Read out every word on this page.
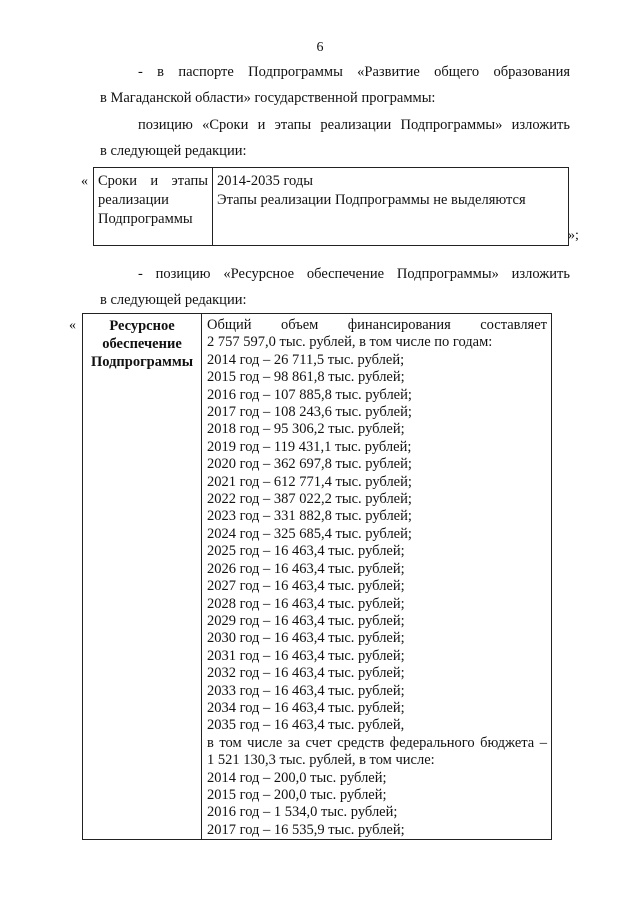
6
- в паспорте Подпрограммы «Развитие общего образования
в Магаданской области» государственной программы:
позицию «Сроки и этапы реализации Подпрограммы» изложить
в следующей редакции:
« Сроки и этапы
реализации
Подпрограммы
2014-2035 годы
Этапы реализации Подпрограммы не выделяются
»;
- позицию «Ресурсное обеспечение Подпрограммы» изложить
в следующей редакции:
«	Ресурсное
обеспечение
Подпрограммы
Общий объем финансирования составляет
2 757 597,0 тыс. рублей, в том числе по годам:
2014 год – 26 711,5 тыс. рублей;
2015 год – 98 861,8 тыс. рублей;
2016 год – 107 885,8 тыс. рублей;
2017 год – 108 243,6 тыс. рублей;
2018 год – 95 306,2 тыс. рублей;
2019 год – 119 431,1 тыс. рублей;
2020 год – 362 697,8 тыс. рублей;
2021 год – 612 771,4 тыс. рублей;
2022 год – 387 022,2 тыс. рублей;
2023 год – 331 882,8 тыс. рублей;
2024 год – 325 685,4 тыс. рублей;
2025 год – 16 463,4 тыс. рублей;
2026 год – 16 463,4 тыс. рублей;
2027 год – 16 463,4 тыс. рублей;
2028 год – 16 463,4 тыс. рублей;
2029 год – 16 463,4 тыс. рублей;
2030 год – 16 463,4 тыс. рублей;
2031 год – 16 463,4 тыс. рублей;
2032 год – 16 463,4 тыс. рублей;
2033 год – 16 463,4 тыс. рублей;
2034 год – 16 463,4 тыс. рублей;
2035 год – 16 463,4 тыс. рублей,
в том числе за счет средств федерального бюджета –
1 521 130,3 тыс. рублей, в том числе:
2014 год – 200,0 тыс. рублей;
2015 год – 200,0 тыс. рублей;
2016 год – 1 534,0 тыс. рублей;
2017 год – 16 535,9 тыс. рублей;
